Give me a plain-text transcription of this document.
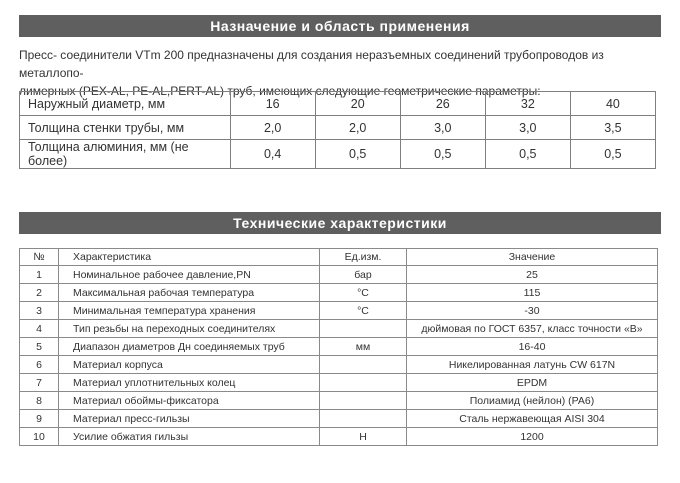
Назначение и область применения
Пресс- соединители VTm 200 предназначены для создания неразъемных соединений трубопроводов из металлопо-
лимерных (PEX-AL, PE-AL,PERT-AL) труб, имеющих следующие геометрические параметры:
Наружный диаметр, мм	16	20	26	32	40
Толщина стенки трубы, мм	2,0	2,0	3,0	3,0	3,5
Толщина алюминия, мм (не более)	0,4	0,5	0,5	0,5	0,5
Технические характеристики
№	Характеристика	Ед.изм.	Значение
1	Номинальное рабочее давление,PN	бар	25
2	Максимальная рабочая температура	°C	115
3	Минимальная температура хранения	°C	-30
4	Тип резьбы на переходных соединителях		дюймовая по ГОСТ 6357, класс точности «B»
5	Диапазон диаметров Дн соединяемых труб	мм	16-40
6	Материал корпуса		Никелированная латунь CW 617N
7	Материал уплотнительных колец		EPDM
8	Материал обоймы-фиксатора		Полиамид (нейлон) (PA6)
9	Материал пресс-гильзы		Сталь нержавеющая AISI 304
10	Усилие обжатия гильзы	Н	1200
